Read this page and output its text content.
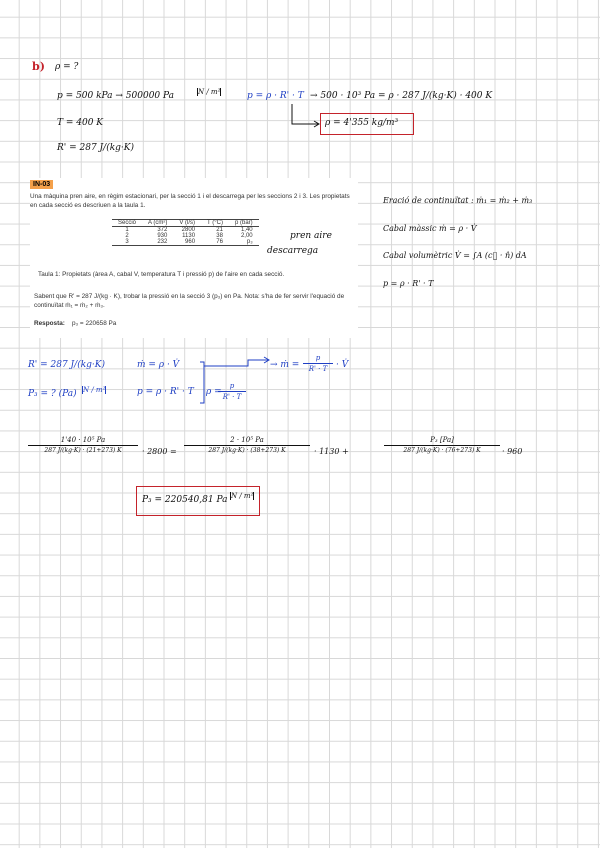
b) ρ = ?
p = 500 kPa → 500000 Pa	N / m²	p = ρ · R' · T → 500 · 10³ Pa = ρ · 287 J/(kg·K) · 400 K
T = 400 K	ρ = 4'355 kg/m³
R' = 287 J/(kg·K)
IN-03
Una màquina pren aire, en règim estacionari, per la secció 1 i el descarrega per les seccions 2 i 3. Les propietats en cada secció es descriuen a la taula 1.
Secció	A (cm²)	V (l/s)	T (°C)	p (bar)
1	372	2800	21	1,40
2	930	1130	38	2,00
3	232	960	76	p₃
Taula 1: Propietats (àrea A, cabal V, temperatura T i pressió p) de l'aire en cada secció.
Sabent que R' = 287 J/(kg · K), trobar la pressió en la secció 3 (p₃) en Pa. Nota: s'ha de fer servir l'equació de continuïtat ṁ₁ = ṁ₂ + ṁ₃.
Resposta: p₃ = 220658 Pa
pren aire
descarrega
Eració de continuïtat : ṁ₁ = ṁ₂ + ṁ₃
Cabal màssic ṁ = ρ · V̇
Cabal volumètric V̇ = ∫A (c⃗ · n̂) dA
p = ρ · R' · T
R' = 287 J/(kg·K)
P₃ = ? (Pa) N / m²
ṁ = ρ · V̇
p = ρ · R' · T ρ =
p
R' · T
→ ṁ =
p
R' · T · V̇
1'40 · 10⁵ Pa
287 J/(kg·K) · (21+273) K	· 2800 =
2 · 10⁵ Pa
287 J/(kg·K) · (38+273) K	· 1130 +
P₃ [Pa]
287 J/(kg·K) · (76+273) K	· 960
P₃ = 220540,81 Pa N / m²
